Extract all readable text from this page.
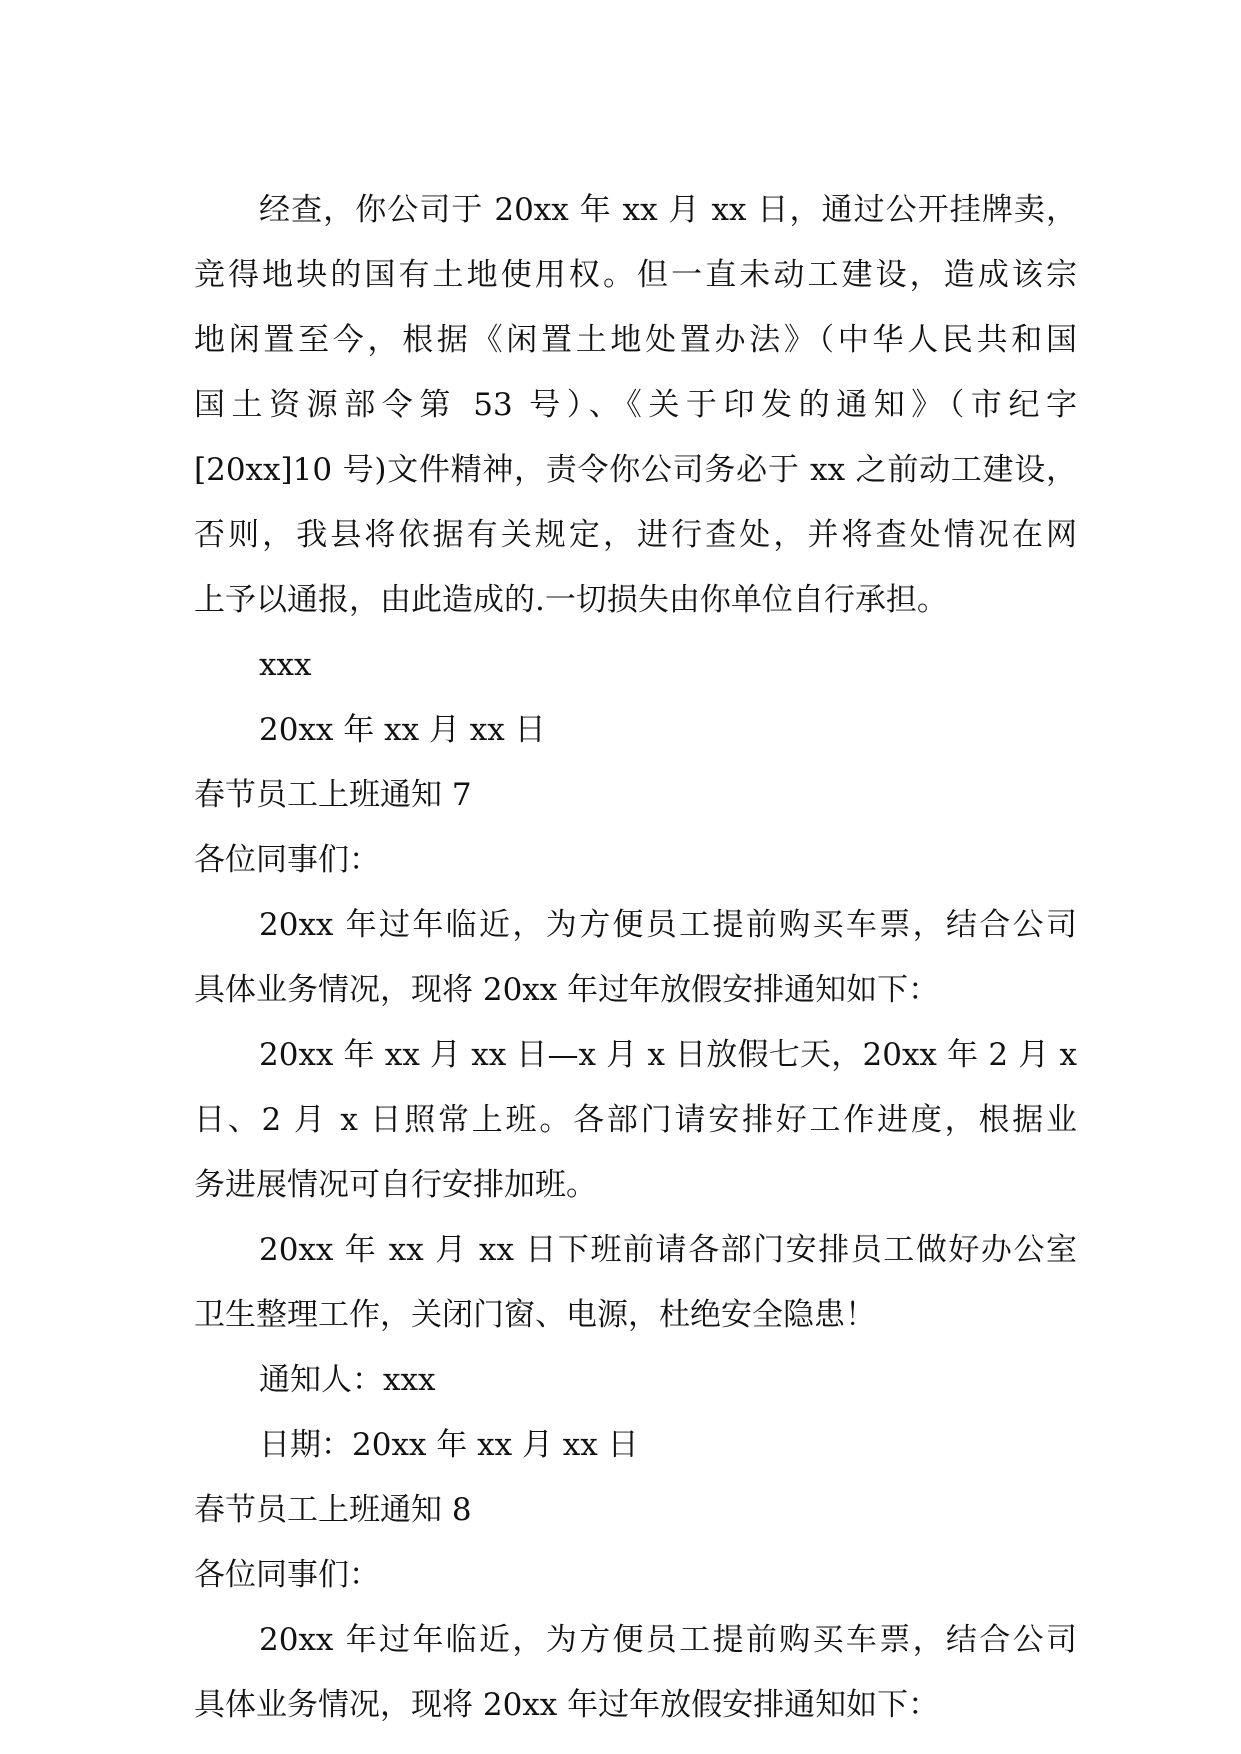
经查，你公司于 20xx 年 xx 月 xx 日，通过公开挂牌卖，
竞得地块的国有土地使用权。但一直未动工建设，造成该宗
地闲置至今，根据《闲置土地处置办法》（中华人民共和国
国土资源部令第 53 号）、《关于印发的通知》（市纪字
[20xx]10 号)文件精神，责令你公司务必于 xx 之前动工建设，
否则，我县将依据有关规定，进行查处，并将查处情况在网
上予以通报，由此造成的.一切损失由你单位自行承担。
xxx
20xx 年 xx 月 xx 日
春节员工上班通知 7
各位同事们：
20xx 年过年临近，为方便员工提前购买车票，结合公司
具体业务情况，现将 20xx 年过年放假安排通知如下：
20xx 年 xx 月 xx 日—x 月 x 日放假七天，20xx 年 2 月 x
日、2 月 x 日照常上班。各部门请安排好工作进度，根据业
务进展情况可自行安排加班。
20xx 年 xx 月 xx 日下班前请各部门安排员工做好办公室
卫生整理工作，关闭门窗、电源，杜绝安全隐患！
通知人：xxx
日期：20xx 年 xx 月 xx 日
春节员工上班通知 8
各位同事们：
20xx 年过年临近，为方便员工提前购买车票，结合公司
具体业务情况，现将 20xx 年过年放假安排通知如下：
